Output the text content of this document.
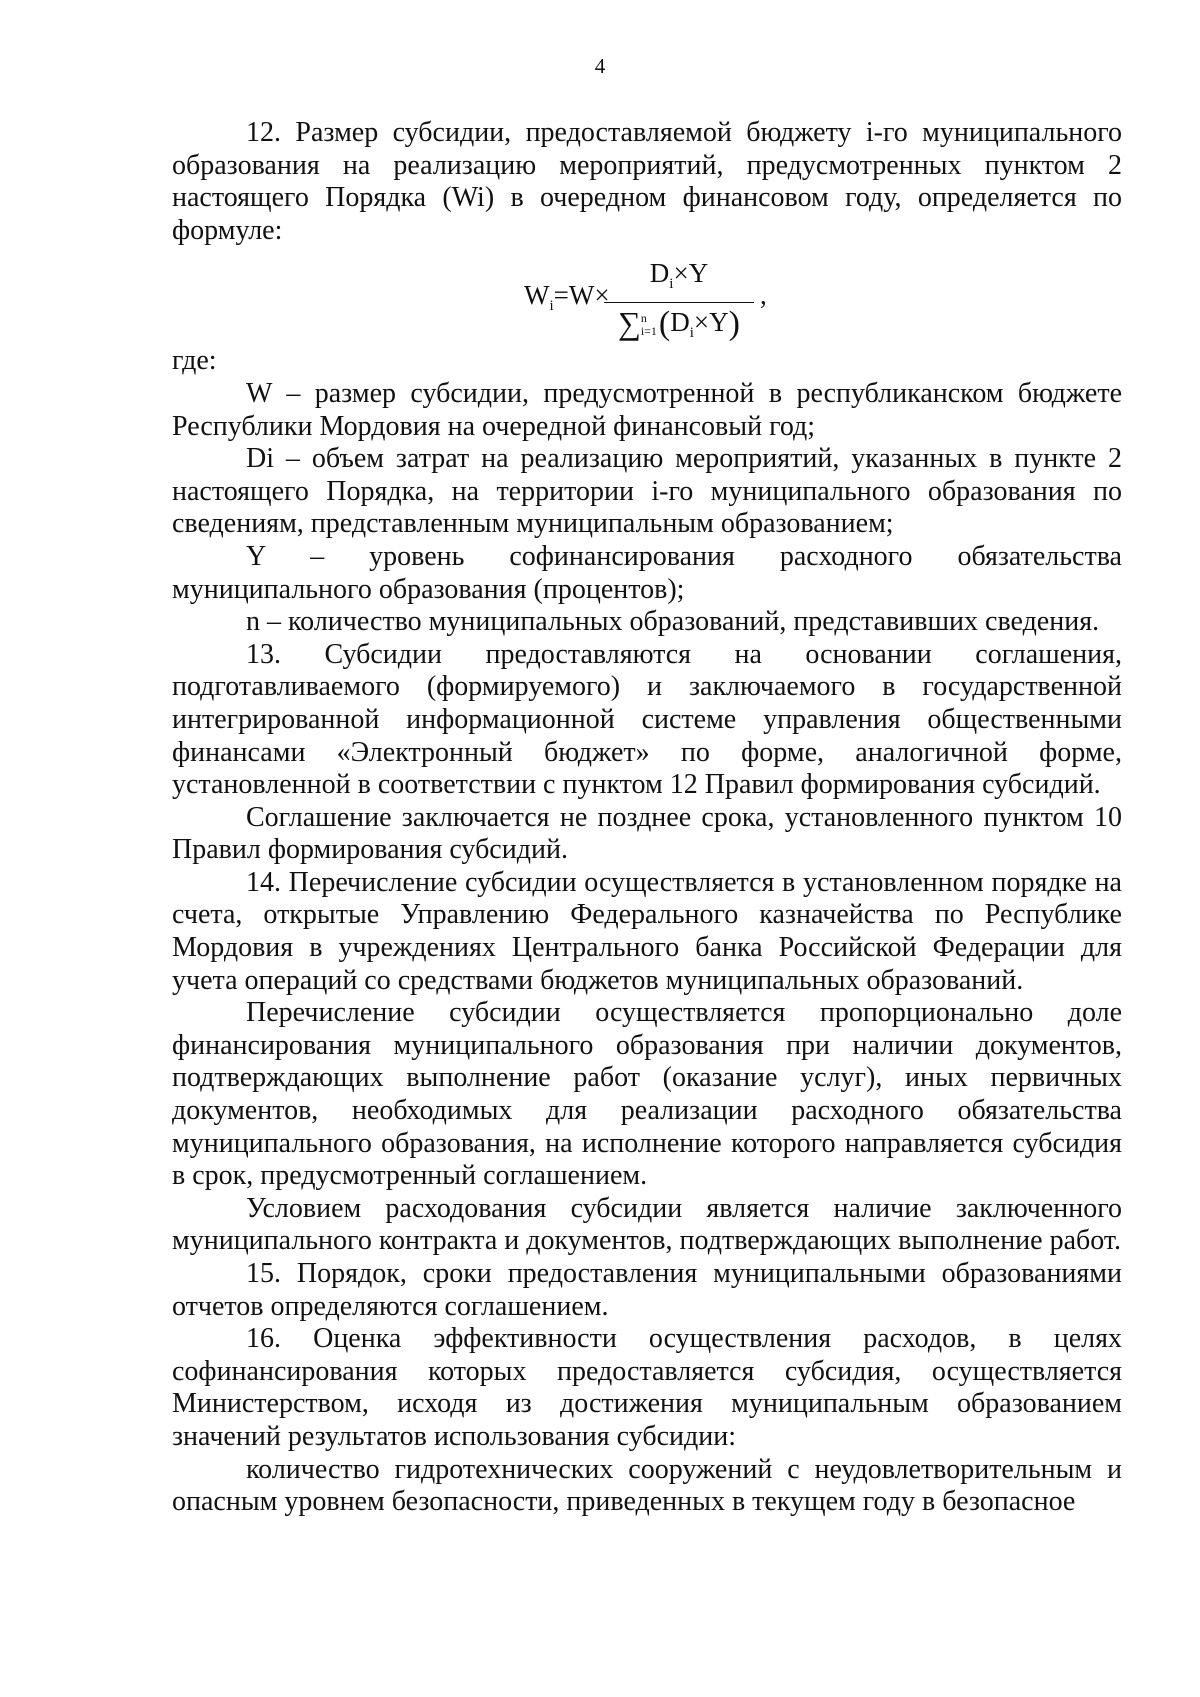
4

12. Размер субсидии, предоставляемой бюджету i-го муниципального образования на реализацию мероприятий, предусмотренных пунктом 2 настоящего Порядка (Wi) в очередном финансовом году, определяется по формуле:

$W_i=W\times$
$D_i\times Y$
∑n
$i=1(D_i\times Y)$
,

где:

W – размер субсидии, предусмотренной в республиканском бюджете Республики Мордовия на очередной финансовый год;

Di – объем затрат на реализацию мероприятий, указанных в пункте 2 настоящего Порядка, на территории i-го муниципального образования по сведениям, представленным муниципальным образованием;

Y – уровень софинансирования расходного обязательства муниципального образования (процентов);

n – количество муниципальных образований, представивших сведения.

13. Субсидии предоставляются на основании соглашения, подготавливаемого (формируемого) и заключаемого в государственной интегрированной информационной системе управления общественными финансами «Электронный бюджет» по форме, аналогичной форме, установленной в соответствии с пунктом 12 Правил формирования субсидий.

Соглашение заключается не позднее срока, установленного пунктом 10 Правил формирования субсидий.

14. Перечисление субсидии осуществляется в установленном порядке на счета, открытые Управлению Федерального казначейства по Республике Мордовия в учреждениях Центрального банка Российской Федерации для учета операций со средствами бюджетов муниципальных образований.

Перечисление субсидии осуществляется пропорционально доле финансирования муниципального образования при наличии документов, подтверждающих выполнение работ (оказание услуг), иных первичных документов, необходимых для реализации расходного обязательства муниципального образования, на исполнение которого направляется субсидия в срок, предусмотренный соглашением.

Условием расходования субсидии является наличие заключенного муниципального контракта и документов, подтверждающих выполнение работ.

15. Порядок, сроки предоставления муниципальными образованиями отчетов определяются соглашением.

16. Оценка эффективности осуществления расходов, в целях софинансирования которых предоставляется субсидия, осуществляется Министерством, исходя из достижения муниципальным образованием значений результатов использования субсидии:

количество гидротехнических сооружений с неудовлетворительным и опасным уровнем безопасности, приведенных в текущем году в безопасное
